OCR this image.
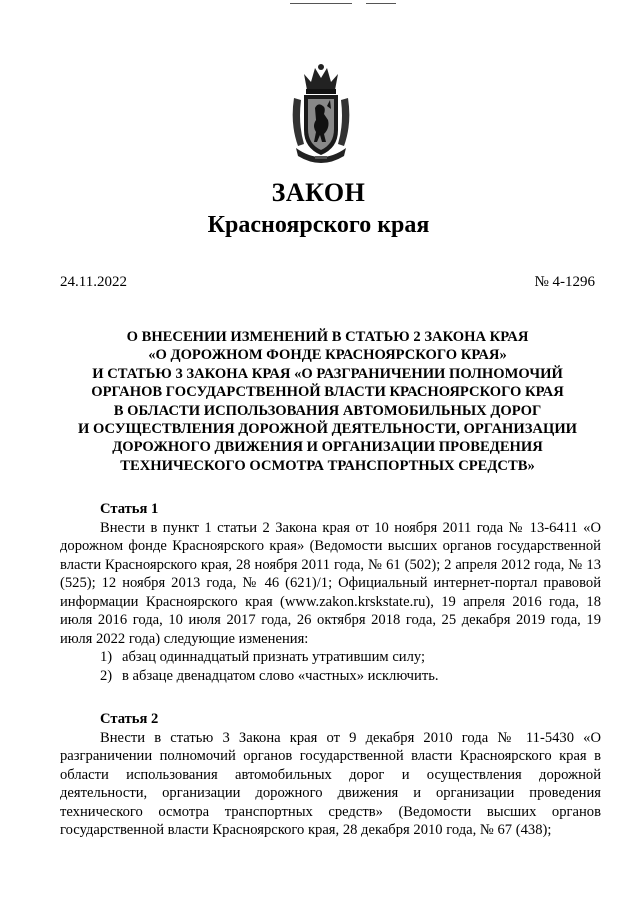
ЗАКОН
Красноярского края
24.11.2022	№ 4-1296
О ВНЕСЕНИИ ИЗМЕНЕНИЙ В СТАТЬЮ 2 ЗАКОНА КРАЯ
«О ДОРОЖНОМ ФОНДЕ КРАСНОЯРСКОГО КРАЯ»
И СТАТЬЮ 3 ЗАКОНА КРАЯ «О РАЗГРАНИЧЕНИИ ПОЛНОМОЧИЙ
ОРГАНОВ ГОСУДАРСТВЕННОЙ ВЛАСТИ КРАСНОЯРСКОГО КРАЯ
В ОБЛАСТИ ИСПОЛЬЗОВАНИЯ АВТОМОБИЛЬНЫХ ДОРОГ
И ОСУЩЕСТВЛЕНИЯ ДОРОЖНОЙ ДЕЯТЕЛЬНОСТИ, ОРГАНИЗАЦИИ
ДОРОЖНОГО ДВИЖЕНИЯ И ОРГАНИЗАЦИИ ПРОВЕДЕНИЯ
ТЕХНИЧЕСКОГО ОСМОТРА ТРАНСПОРТНЫХ СРЕДСТВ»
Статья 1
Внести в пункт 1 статьи 2 Закона края от 10 ноября 2011 года № 13-6411 «О дорожном фонде Красноярского края» (Ведомости высших органов государственной власти Красноярского края, 28 ноября 2011 года, № 61 (502); 2 апреля 2012 года, № 13 (525); 12 ноября 2013 года, № 46 (621)/1; Официальный интернет-портал правовой информации Красноярского края (www.zakon.krskstate.ru), 19 апреля 2016 года, 18 июля 2016 года, 10 июля 2017 года, 26 октября 2018 года, 25 декабря 2019 года, 19 июля 2022 года) следующие изменения:
1) абзац одиннадцатый признать утратившим силу;
2) в абзаце двенадцатом слово «частных» исключить.
Статья 2
Внести в статью 3 Закона края от 9 декабря 2010 года № 11-5430 «О разграничении полномочий органов государственной власти Красноярского края в области использования автомобильных дорог и осуществления дорожной деятельности, организации дорожного движения и организации проведения технического осмотра транспортных средств» (Ведомости высших органов государственной власти Красноярского края, 28 декабря 2010 года, № 67 (438);
